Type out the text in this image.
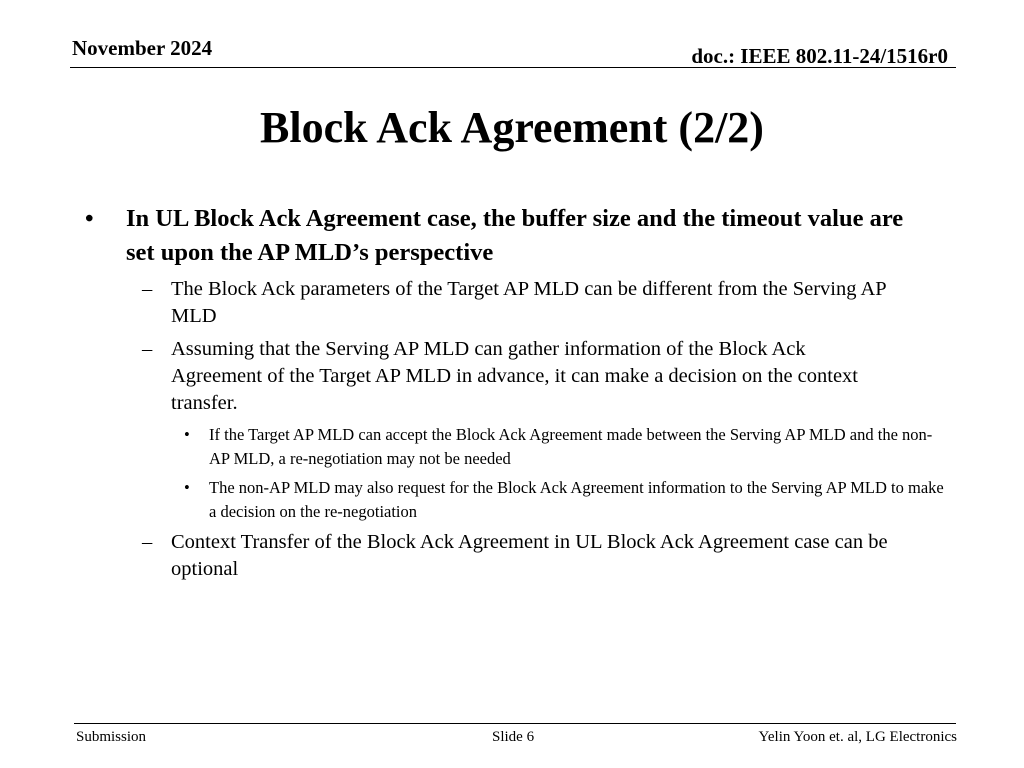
November 2024	doc.: IEEE 802.11-24/1516r0
Block Ack Agreement (2/2)
• In UL Block Ack Agreement case, the buffer size and the timeout value are set upon the AP MLD’s perspective
– The Block Ack parameters of the Target AP MLD can be different from the Serving AP MLD
– Assuming that the Serving AP MLD can gather information of the Block Ack Agreement of the Target AP MLD in advance, it can make a decision on the context transfer.
• If the Target AP MLD can accept the Block Ack Agreement made between the Serving AP MLD and the non-AP MLD, a re-negotiation may not be needed
• The non-AP MLD may also request for the Block Ack Agreement information to the Serving AP MLD to make a decision on the re-negotiation
– Context Transfer of the Block Ack Agreement in UL Block Ack Agreement case can be optional
Submission	Slide 6	Yelin Yoon et. al, LG Electronics
